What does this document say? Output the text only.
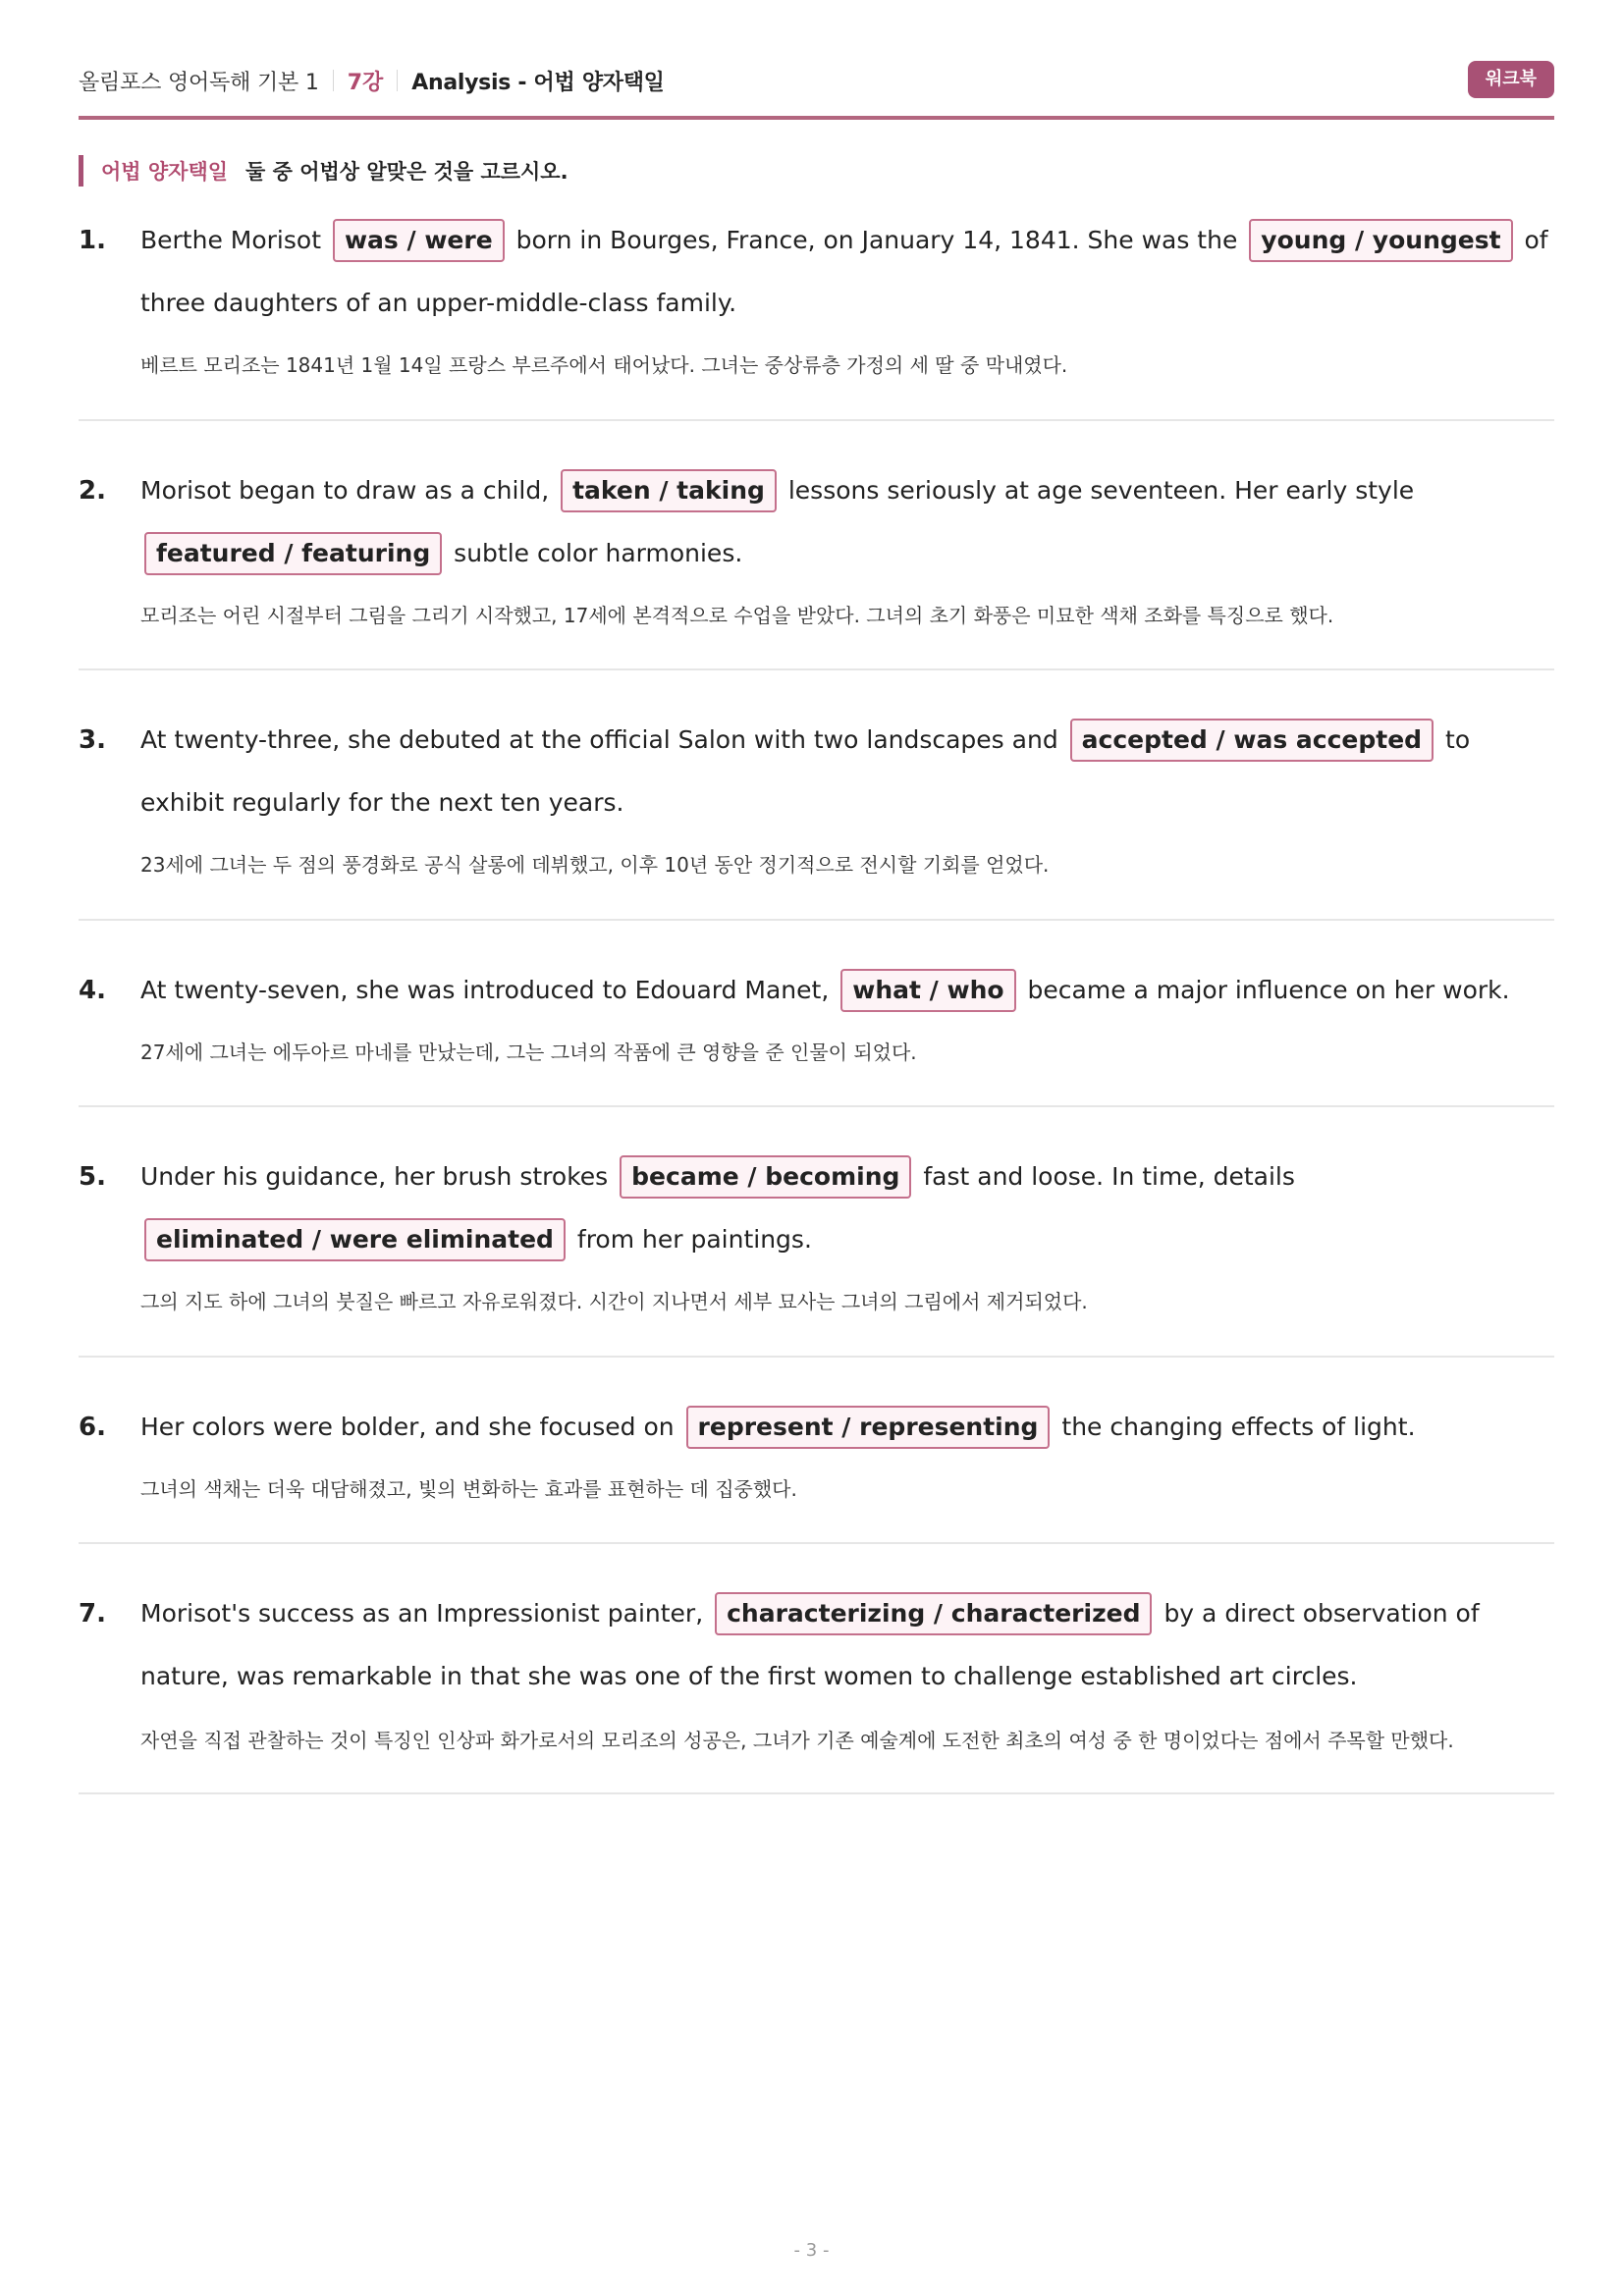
올림포스 영어독해 기본 1 7강 Analysis - 어법 양자택일	워크북
어법 양자택일 둘 중 어법상 알맞은 것을 고르시오.
1. Berthe Morisot was / were born in Bourges, France, on January 14, 1841. She was the young / youngest of three daughters of an upper-middle-class family.
베르트 모리조는 1841년 1월 14일 프랑스 부르주에서 태어났다. 그녀는 중상류층 가정의 세 딸 중 막내였다.
2. Morisot began to draw as a child, taken / taking lessons seriously at age seventeen. Her early style featured / featuring subtle color harmonies.
모리조는 어린 시절부터 그림을 그리기 시작했고, 17세에 본격적으로 수업을 받았다. 그녀의 초기 화풍은 미묘한 색채 조화를 특징으로 했다.
3. At twenty-three, she debuted at the official Salon with two landscapes and accepted / was accepted to exhibit regularly for the next ten years.
23세에 그녀는 두 점의 풍경화로 공식 살롱에 데뷔했고, 이후 10년 동안 정기적으로 전시할 기회를 얻었다.
4. At twenty-seven, she was introduced to Edouard Manet, what / who became a major influence on her work.
27세에 그녀는 에두아르 마네를 만났는데, 그는 그녀의 작품에 큰 영향을 준 인물이 되었다.
5. Under his guidance, her brush strokes became / becoming fast and loose. In time, details eliminated / were eliminated from her paintings.
그의 지도 하에 그녀의 붓질은 빠르고 자유로워졌다. 시간이 지나면서 세부 묘사는 그녀의 그림에서 제거되었다.
6. Her colors were bolder, and she focused on represent / representing the changing effects of light.
그녀의 색채는 더욱 대담해졌고, 빛의 변화하는 효과를 표현하는 데 집중했다.
7. Morisot's success as an Impressionist painter, characterizing / characterized by a direct observation of nature, was remarkable in that she was one of the first women to challenge established art circles.
자연을 직접 관찰하는 것이 특징인 인상파 화가로서의 모리조의 성공은, 그녀가 기존 예술계에 도전한 최초의 여성 중 한 명이었다는 점에서 주목할 만했다.
- 3 -
